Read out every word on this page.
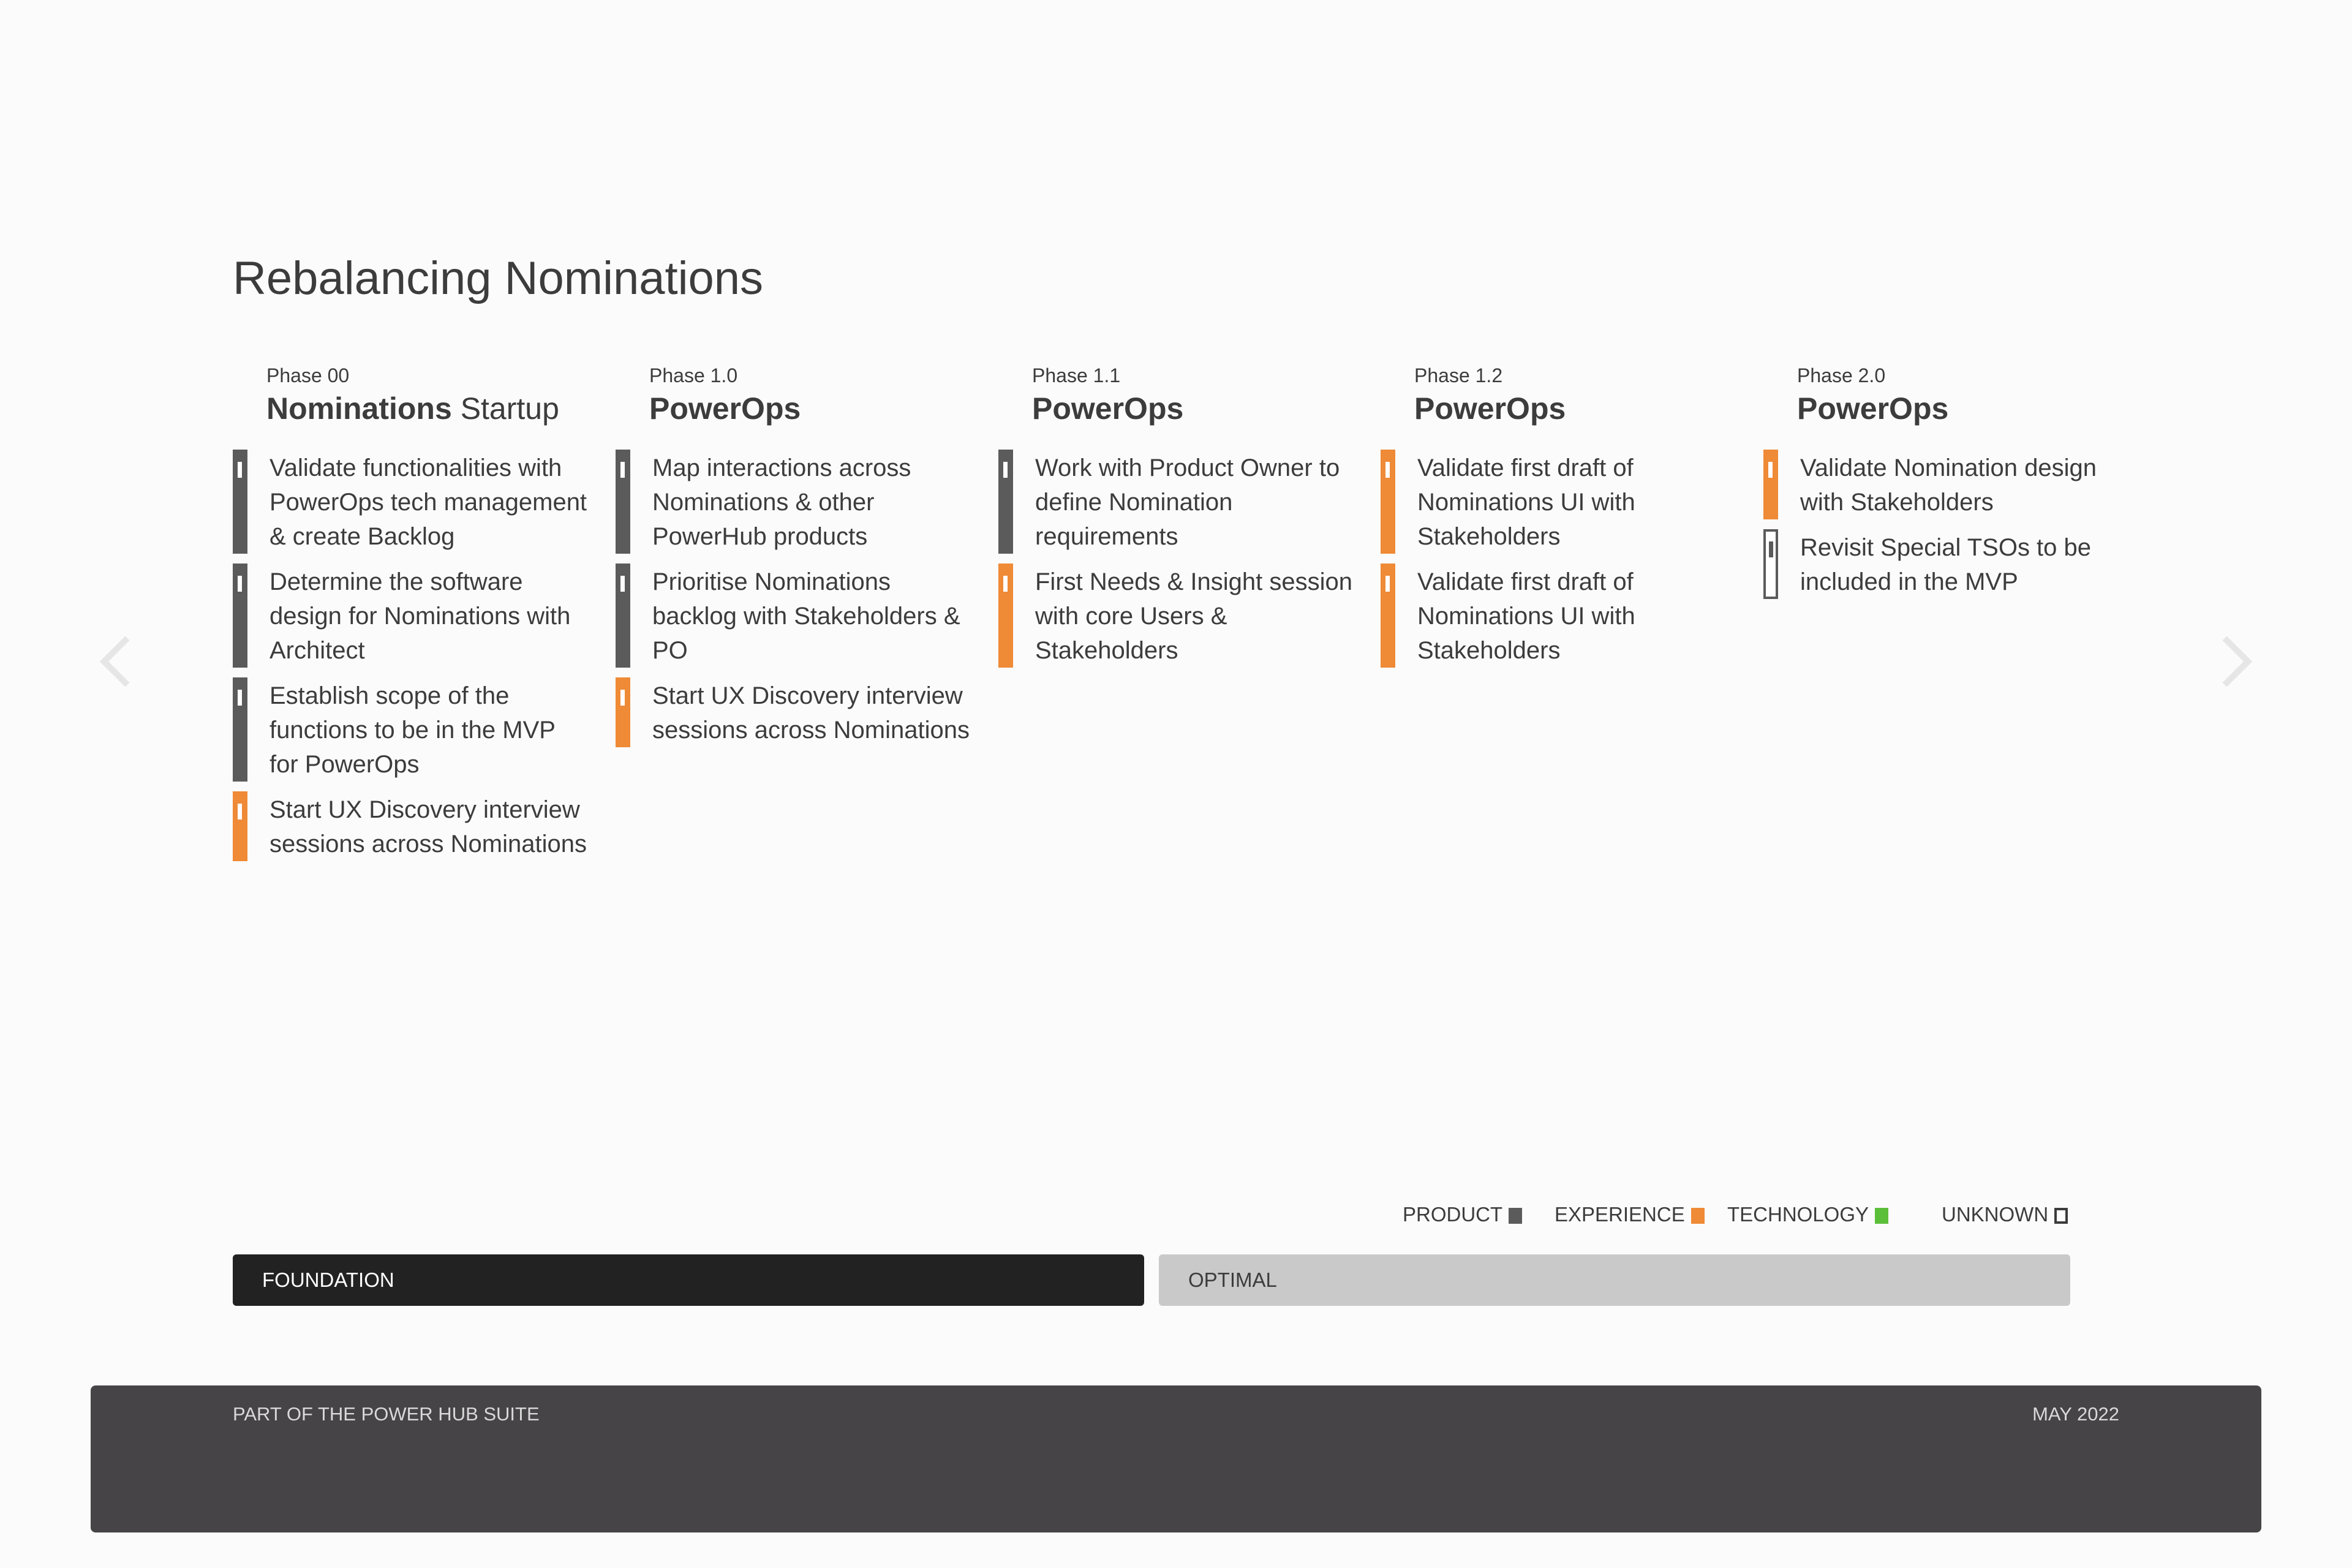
Rebalancing Nominations
Phase 00
Nominations Startup
Validate functionalities with PowerOps tech management & create Backlog
Determine the software design for Nominations with Architect
Establish scope of the functions to be in the MVP for PowerOps
Start UX Discovery interview sessions across Nominations
Phase 1.0
PowerOps
Map interactions across Nominations & other PowerHub products
Prioritise Nominations backlog with Stakeholders & PO
Start UX Discovery interview sessions across Nominations
Phase 1.1
PowerOps
Work with Product Owner to define Nomination requirements
First Needs & Insight session with core Users & Stakeholders
Phase 1.2
PowerOps
Validate first draft of Nominations UI with Stakeholders
Validate first draft of Nominations UI with Stakeholders
Phase 2.0
PowerOps
Validate Nomination design with Stakeholders
Revisit Special TSOs to be included in the MVP
PRODUCT	EXPERIENCE	TECHNOLOGY	UNKNOWN
FOUNDATION	OPTIMAL
PART OF THE POWER HUB SUITE	MAY 2022
